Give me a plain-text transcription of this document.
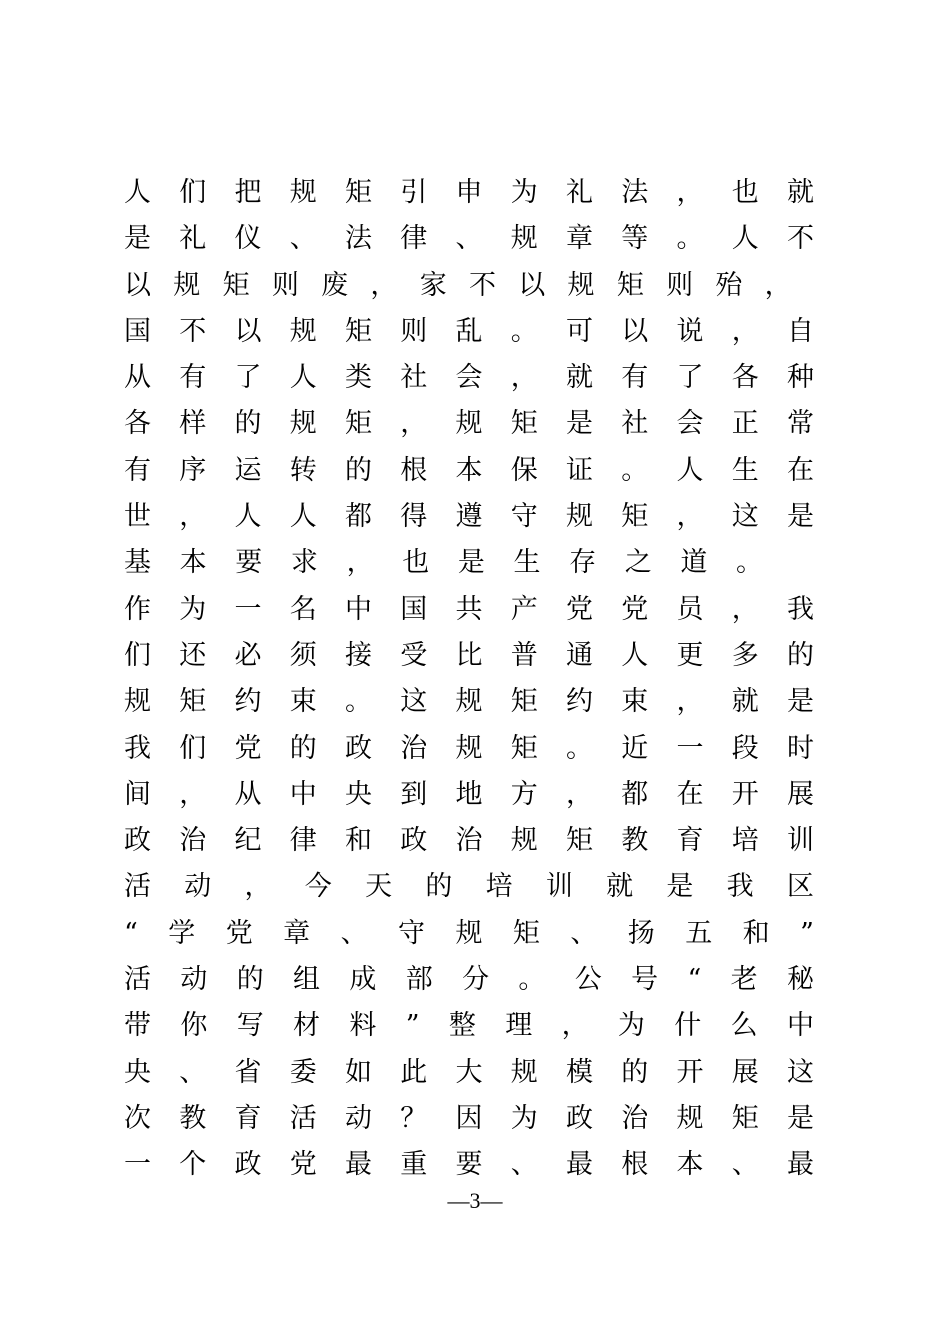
人 们 把 规 矩 引 申 为 礼 法 ， 也 就
是 礼 仪 、 法 律 、 规 章 等 。 人 不
以 规 矩 则 废 ， 家 不 以 规 矩 则 殆 ，
国 不 以 规 矩 则 乱 。 可 以 说 ， 自
从 有 了 人 类 社 会 ， 就 有 了 各 种
各 样 的 规 矩 ， 规 矩 是 社 会 正 常
有 序 运 转 的 根 本 保 证 。 人 生 在
世 ， 人 人 都 得 遵 守 规 矩 ， 这 是
基	本	要	求	，	也	是	生	存	之	道	。
作 为 一 名 中 国 共 产 党 党 员 ， 我
们 还 必 须 接 受 比 普 通 人 更 多 的
规 矩 约 束 。 这 规 矩 约 束 ， 就 是
我 们 党 的 政 治 规 矩 。 近 一 段 时
间 ， 从 中 央 到 地 方 ， 都 在 开 展
政 治 纪 律 和 政 治 规 矩 教 育 培 训
活 动 ， 今 天 的 培 训 就 是 我 区
“ 学 党 章 、 守 规 矩 、 扬 五 和 ”
活 动 的 组 成 部 分 。 公 号 “ 老 秘
带 你 写 材 料 ” 整 理 ， 为 什 么 中
央 、 省 委 如 此 大 规 模 的 开 展 这
次 教 育 活 动 ？ 因 为 政 治 规 矩 是
一 个 政 党 最 重 要 、 最 根 本 、 最
—3—
